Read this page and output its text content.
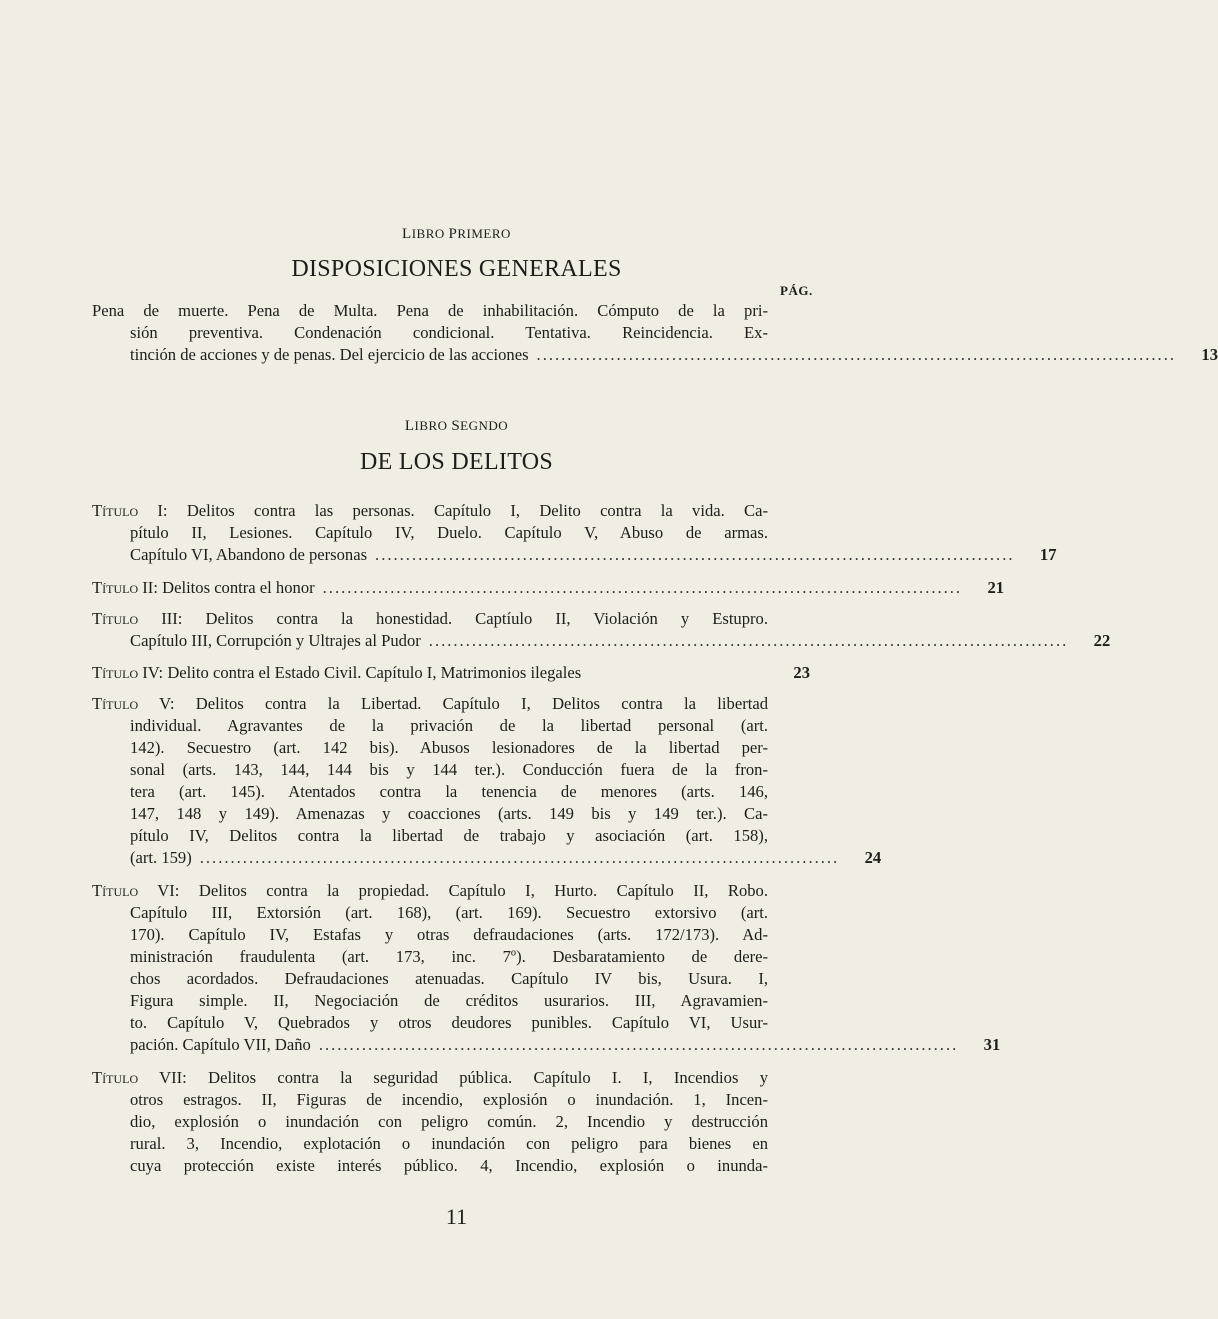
LIBRO PRIMERO
DISPOSICIONES GENERALES
PÁG.
Pena de muerte. Pena de Multa. Pena de inhabilitación. Cómputo de la pri-
sión preventiva. Condenación condicional. Tentativa. Reincidencia. Ex-
tinción de acciones y de penas. Del ejercicio de las acciones ........................................................................................................	13
LIBRO SEGNDO
DE LOS DELITOS
Título I: Delitos contra las personas. Capítulo I, Delito contra la vida. Ca-
pítulo II, Lesiones. Capítulo IV, Duelo. Capítulo V, Abuso de armas.
Capítulo VI, Abandono de personas ........................................................................................................	17
Título II: Delitos contra el honor ........................................................................................................	21
Título III: Delitos contra la honestidad. Captíulo II, Violación y Estupro.
Capítulo III, Corrupción y Ultrajes al Pudor ........................................................................................................	22
Título IV: Delito contra el Estado Civil. Capítulo I, Matrimonios ilegales	23
Título V: Delitos contra la Libertad. Capítulo I, Delitos contra la libertad
individual. Agravantes de la privación de la libertad personal (art.
142). Secuestro (art. 142 bis). Abusos lesionadores de la libertad per-
sonal (arts. 143, 144, 144 bis y 144 ter.). Conducción fuera de la fron-
tera (art. 145). Atentados contra la tenencia de menores (arts. 146,
147, 148 y 149). Amenazas y coacciones (arts. 149 bis y 149 ter.). Ca-
pítulo IV, Delitos contra la libertad de trabajo y asociación (art. 158),
(art. 159) ........................................................................................................	24
Título VI: Delitos contra la propiedad. Capítulo I, Hurto. Capítulo II, Robo.
Capítulo III, Extorsión (art. 168), (art. 169). Secuestro extorsivo (art.
170). Capítulo IV, Estafas y otras defraudaciones (arts. 172/173). Ad-
ministración fraudulenta (art. 173, inc. 7º). Desbaratamiento de dere-
chos acordados. Defraudaciones atenuadas. Capítulo IV bis, Usura. I,
Figura simple. II, Negociación de créditos usurarios. III, Agravamien-
to. Capítulo V, Quebrados y otros deudores punibles. Capítulo VI, Usur-
pación. Capítulo VII, Daño ........................................................................................................	31
Título VII: Delitos contra la seguridad pública. Capítulo I. I, Incendios y
otros estragos. II, Figuras de incendio, explosión o inundación. 1, Incen-
dio, explosión o inundación con peligro común. 2, Incendio y destrucción
rural. 3, Incendio, explotación o inundación con peligro para bienes en
cuya protección existe interés público. 4, Incendio, explosión o inunda-
11
